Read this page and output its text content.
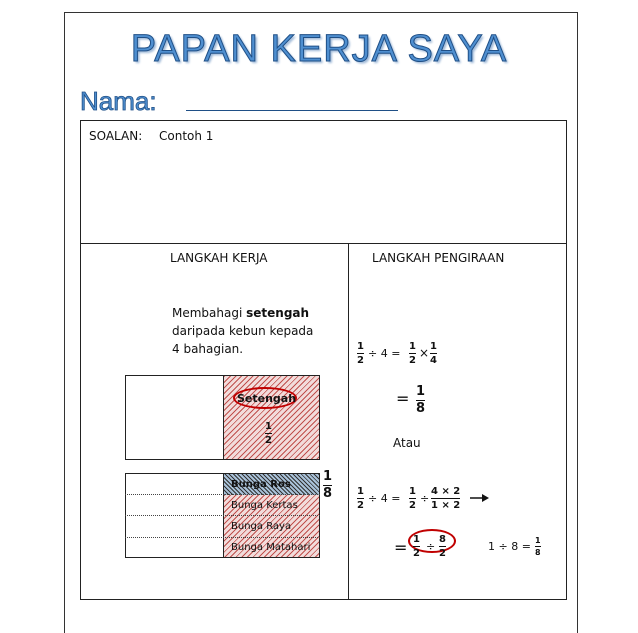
PAPAN KERJA SAYA
Nama:
SOALAN: Contoh 1
LANGKAH KERJA	LANGKAH PENGIRAAN
Membahagi setengah
daripada kebun kepada
4 bahagian.
Setengah
1
2
Bunga Ros
Bunga Kertas
Bunga Raya
Bunga Matahari
1
8
1
2
÷ 4 =
1
2
× 1
4
= 1
8
Atau
1
2
÷ 4 =
1
2
÷
4 × 2
1 × 2
= 1
2
÷
8
2
1 ÷ 8 = 1
8
